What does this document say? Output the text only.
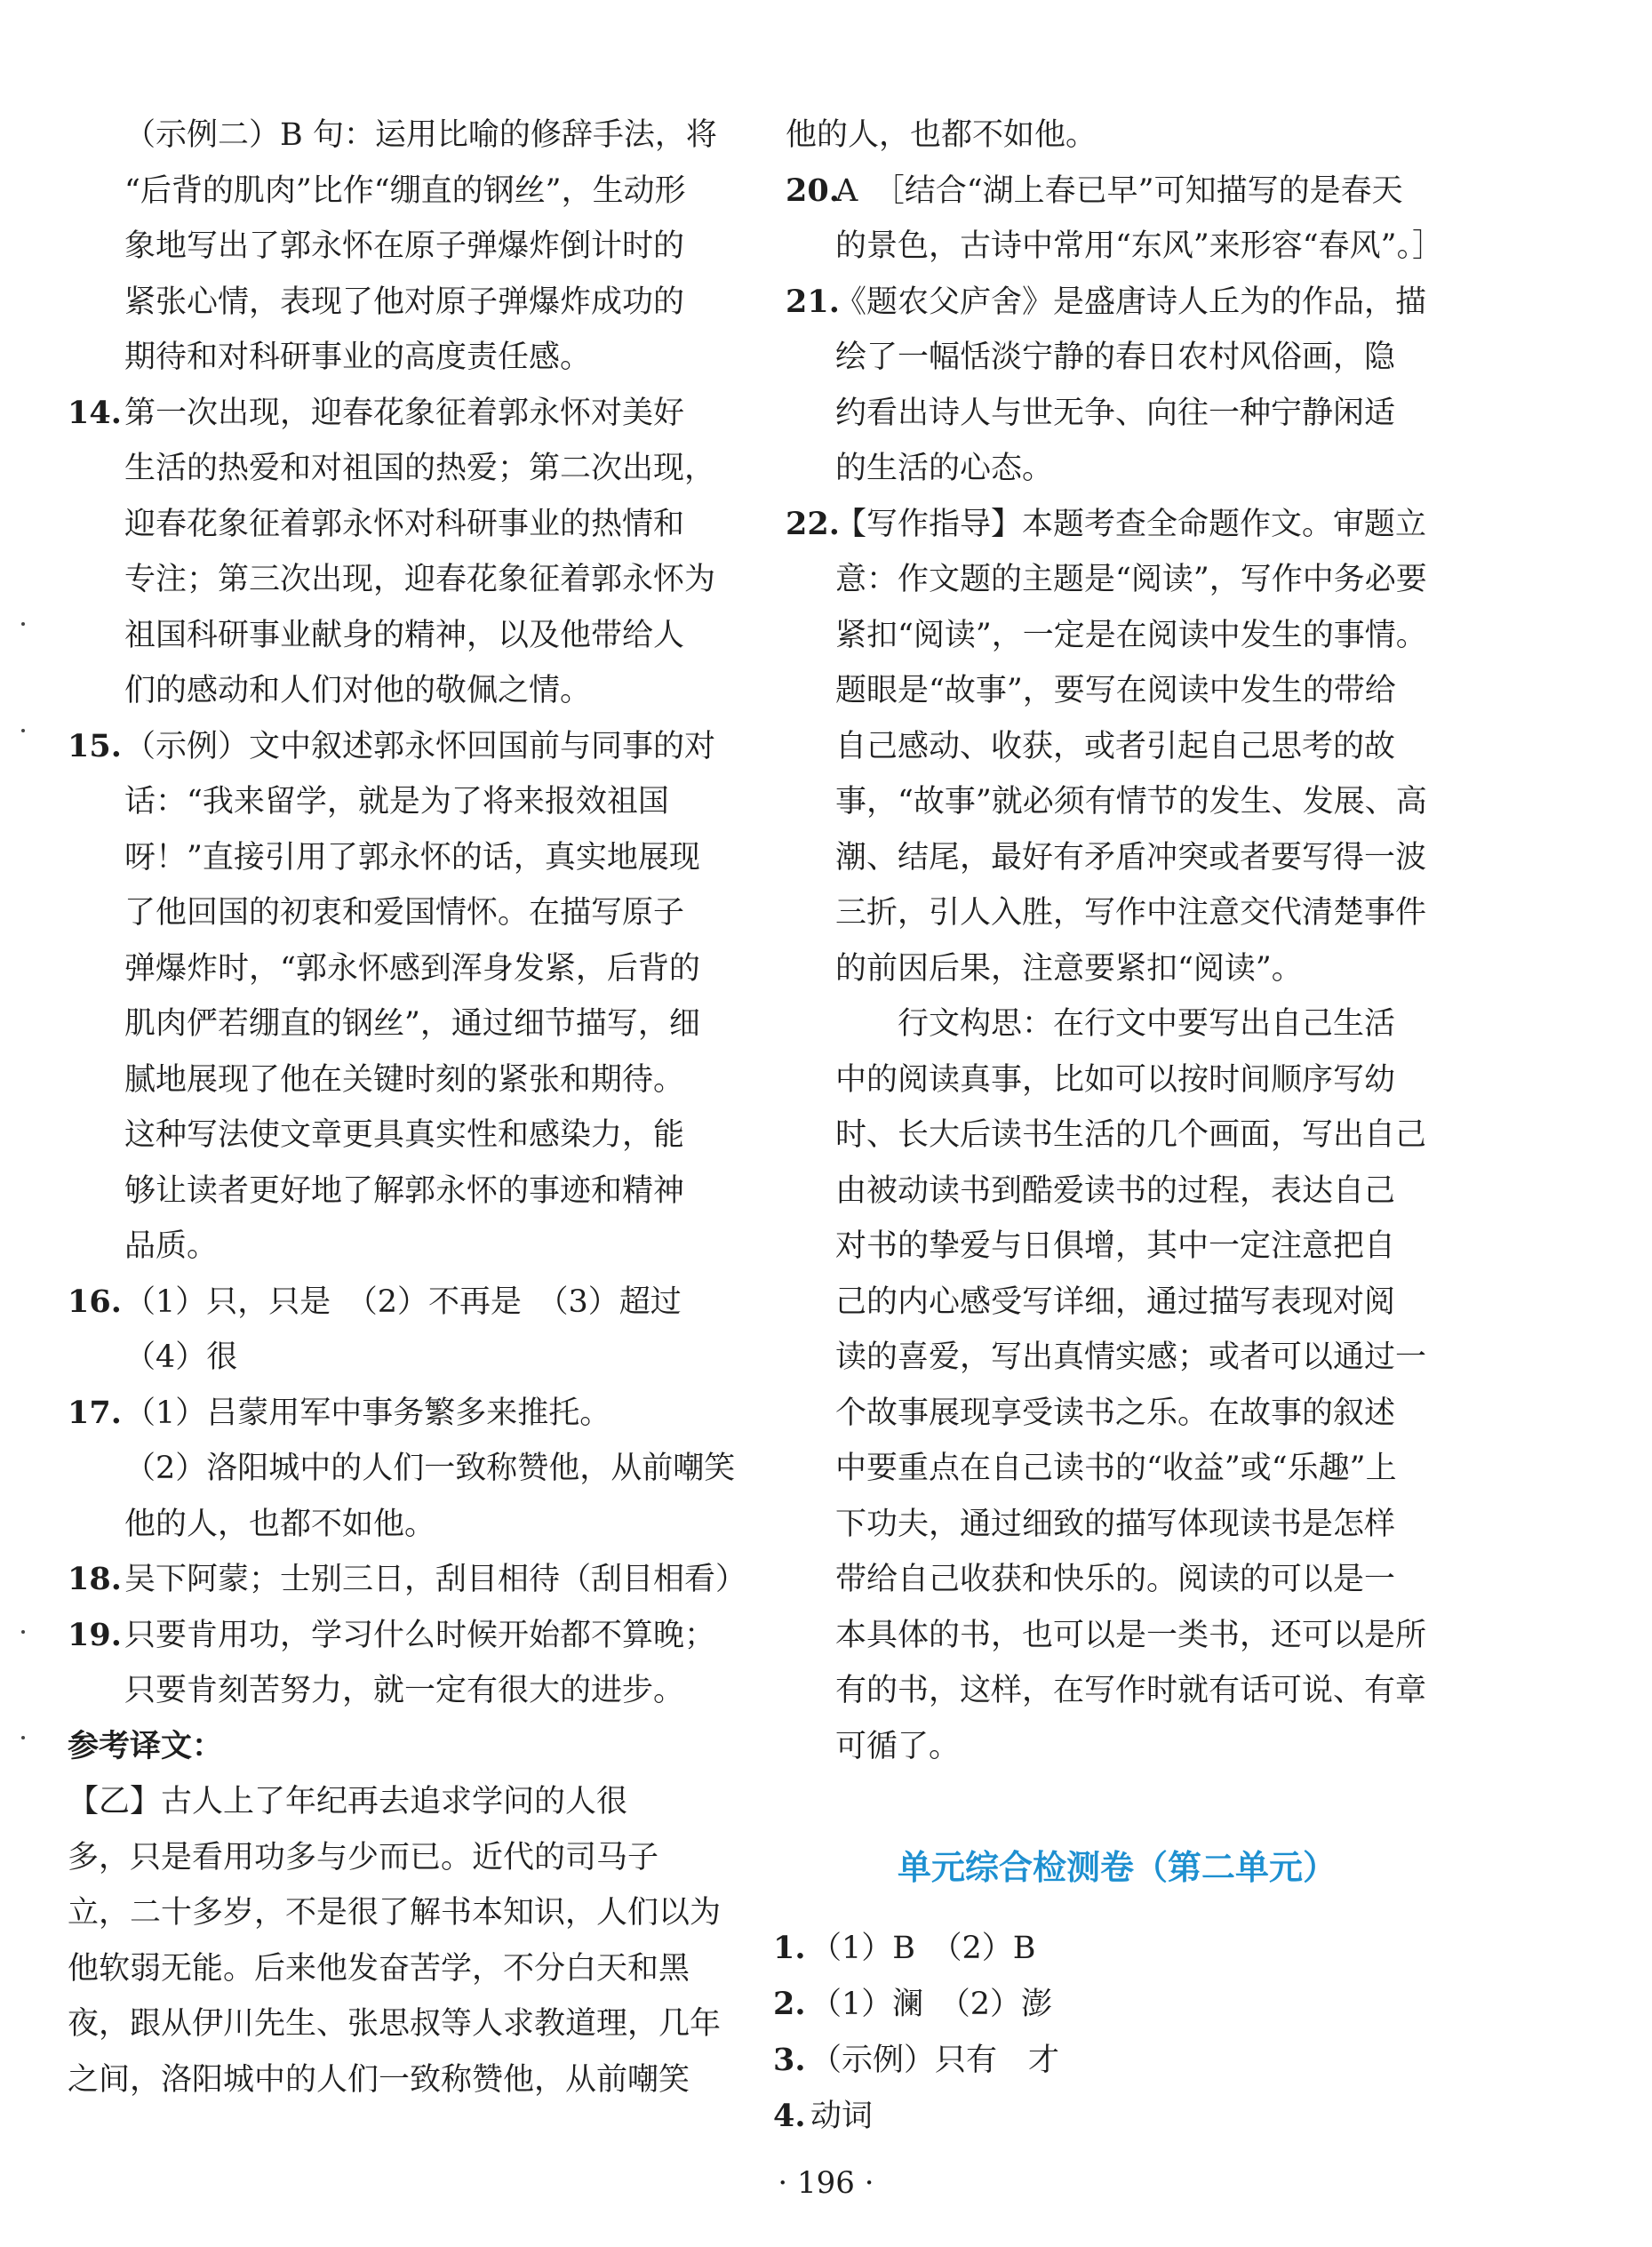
（示例二）B 句：运用比喻的修辞手法，将
“后背的肌肉”比作“绷直的钢丝”，生动形
象地写出了郭永怀在原子弹爆炸倒计时的
紧张心情，表现了他对原子弹爆炸成功的
期待和对科研事业的高度责任感。
14. 第一次出现，迎春花象征着郭永怀对美好
生活的热爱和对祖国的热爱；第二次出现，
迎春花象征着郭永怀对科研事业的热情和
专注；第三次出现，迎春花象征着郭永怀为
祖国科研事业献身的精神，以及他带给人
们的感动和人们对他的敬佩之情。
15. （示例）文中叙述郭永怀回国前与同事的对
话：“我来留学，就是为了将来报效祖国
呀！”直接引用了郭永怀的话，真实地展现
了他回国的初衷和爱国情怀。在描写原子
弹爆炸时，“郭永怀感到浑身发紧，后背的
肌肉俨若绷直的钢丝”，通过细节描写，细
腻地展现了他在关键时刻的紧张和期待。
这种写法使文章更具真实性和感染力，能
够让读者更好地了解郭永怀的事迹和精神
品质。
16. （1）只，只是　（2）不再是　（3）超过
（4）很
17. （1）吕蒙用军中事务繁多来推托。
（2）洛阳城中的人们一致称赞他，从前嘲笑
他的人，也都不如他。
18. 吴下阿蒙；士别三日，刮目相待（刮目相看）
19. 只要肯用功，学习什么时候开始都不算晚；
只要肯刻苦努力，就一定有很大的进步。
参考译文：
【乙】古人上了年纪再去追求学问的人很
多，只是看用功多与少而已。近代的司马子
立，二十多岁，不是很了解书本知识，人们以为
他软弱无能。后来他发奋苦学，不分白天和黑
夜，跟从伊川先生、张思叔等人求教道理，几年
之间，洛阳城中的人们一致称赞他，从前嘲笑
他的人，也都不如他。
20.
A　［结合“湖上春已早”可知描写的是春天
的景色，古诗中常用“东风”来形容“春风”。］
21.
《题农父庐舍》是盛唐诗人丘为的作品，描
绘了一幅恬淡宁静的春日农村风俗画，隐
约看出诗人与世无争、向往一种宁静闲适
的生活的心态。
22.
【写作指导】本题考查全命题作文。审题立
意：作文题的主题是“阅读”，写作中务必要
紧扣“阅读”，一定是在阅读中发生的事情。
题眼是“故事”，要写在阅读中发生的带给
自己感动、收获，或者引起自己思考的故
事，“故事”就必须有情节的发生、发展、高
潮、结尾，最好有矛盾冲突或者要写得一波
三折，引人入胜，写作中注意交代清楚事件
的前因后果，注意要紧扣“阅读”。
　　行文构思：在行文中要写出自己生活
中的阅读真事，比如可以按时间顺序写幼
时、长大后读书生活的几个画面，写出自己
由被动读书到酷爱读书的过程，表达自己
对书的挚爱与日俱增，其中一定注意把自
己的内心感受写详细，通过描写表现对阅
读的喜爱，写出真情实感；或者可以通过一
个故事展现享受读书之乐。在故事的叙述
中要重点在自己读书的“收益”或“乐趣”上
下功夫，通过细致的描写体现读书是怎样
带给自己收获和快乐的。阅读的可以是一
本具体的书，也可以是一类书，还可以是所
有的书，这样，在写作时就有话可说、有章
可循了。
单元综合检测卷（第二单元）
1. （1）B　（2）B
2. （1）澜　（2）澎
3. （示例）只有　才
4. 动词
· 196 ·
